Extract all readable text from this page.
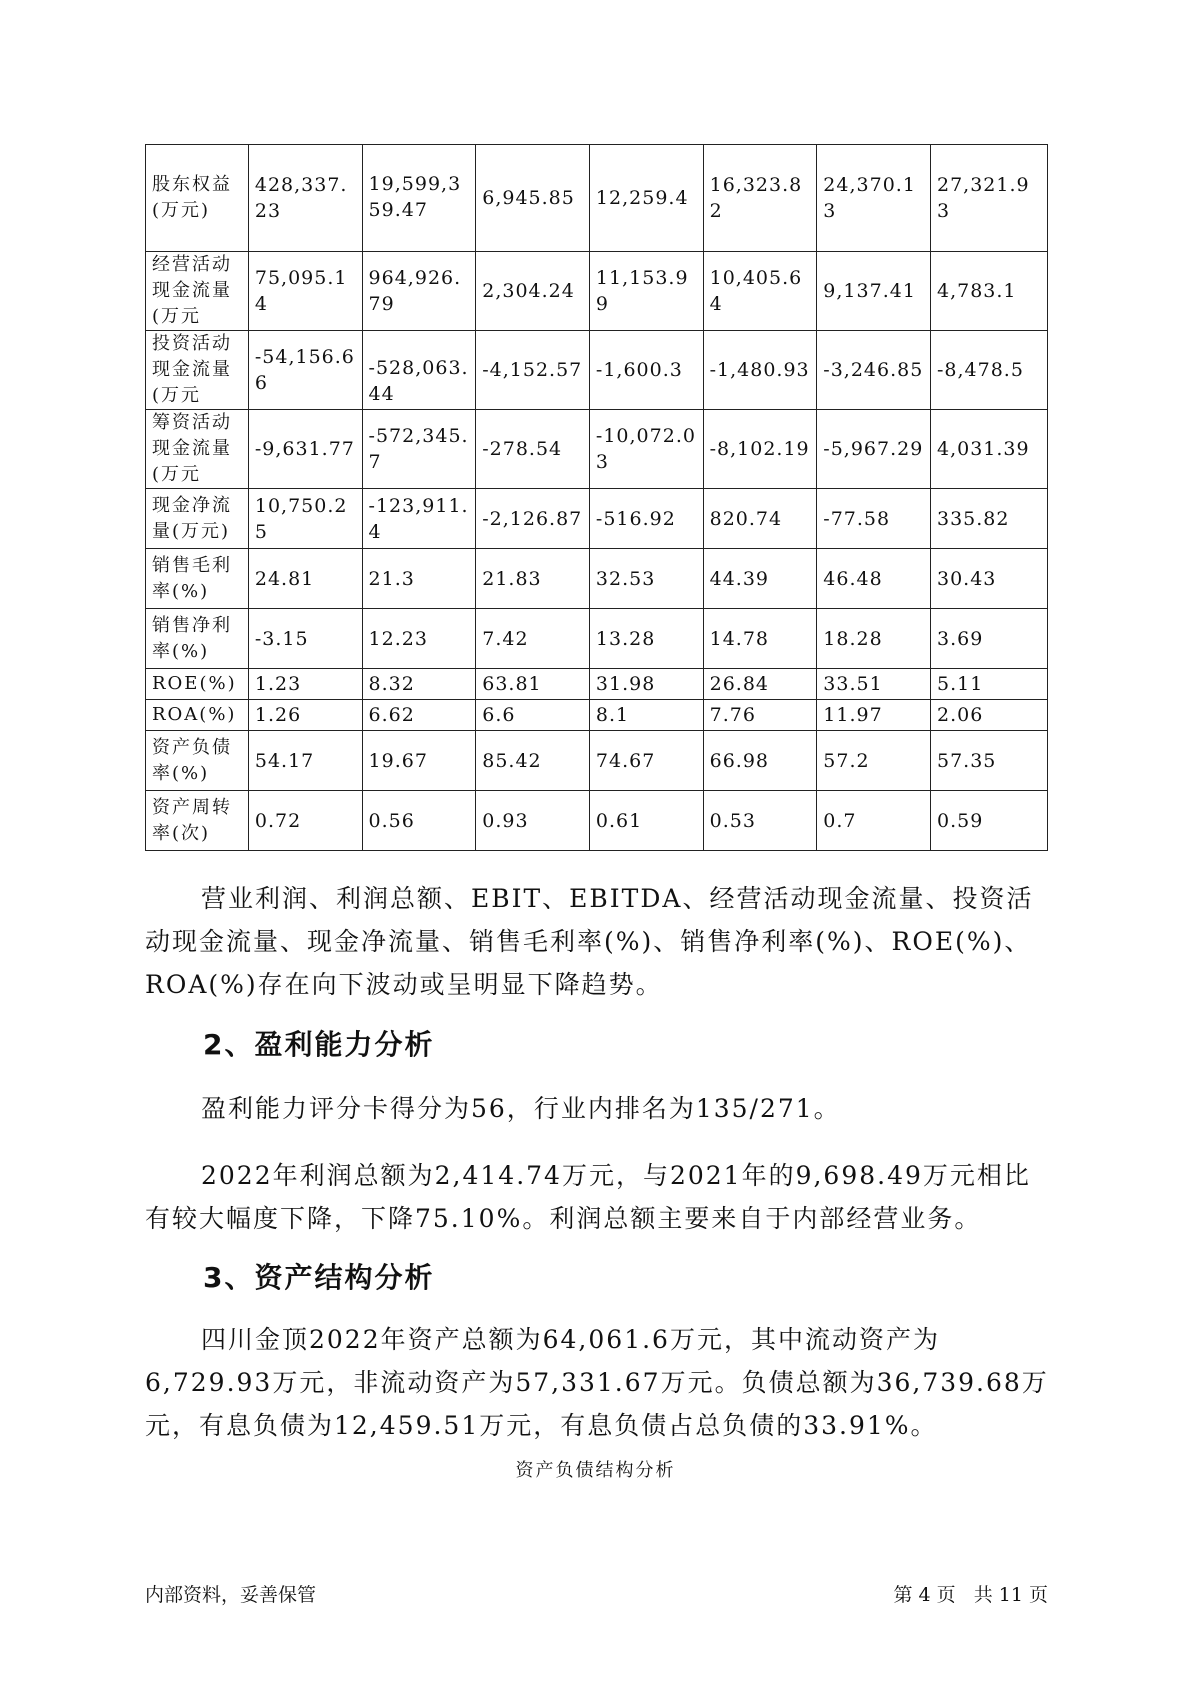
股东权益(万元)	428,337.23	19,599,359.47	6,945.85	12,259.4	16,323.82	24,370.13	27,321.93
经营活动现金流量(万元	75,095.14	964,926.79	2,304.24	11,153.99	10,405.64	9,137.41	4,783.1
投资活动现金流量(万元	-54,156.66	-528,063.44	-4,152.57	-1,600.3	-1,480.93	-3,246.85	-8,478.5
筹资活动现金流量(万元	-9,631.77	-572,345.7	-278.54	-10,072.03	-8,102.19	-5,967.29	4,031.39
现金净流量(万元)	10,750.25	-123,911.4	-2,126.87	-516.92	820.74	-77.58	335.82
销售毛利率(%)	24.81	21.3	21.83	32.53	44.39	46.48	30.43
销售净利率(%)	-3.15	12.23	7.42	13.28	14.78	18.28	3.69
ROE(%)	1.23	8.32	63.81	31.98	26.84	33.51	5.11
ROA(%)	1.26	6.62	6.6	8.1	7.76	11.97	2.06
资产负债率(%)	54.17	19.67	85.42	74.67	66.98	57.2	57.35
资产周转率(次)	0.72	0.56	0.93	0.61	0.53	0.7	0.59

营业利润、利润总额、EBIT、EBITDA、经营活动现金流量、投资活动现金流量、现金净流量、销售毛利率(%)、销售净利率(%)、ROE(%)、ROA(%)存在向下波动或呈明显下降趋势。

2、盈利能力分析

盈利能力评分卡得分为56，行业内排名为135/271。

2022年利润总额为2,414.74万元，与2021年的9,698.49万元相比有较大幅度下降，下降75.10%。利润总额主要来自于内部经营业务。

3、资产结构分析

四川金顶2022年资产总额为64,061.6万元，其中流动资产为6,729.93万元，非流动资产为57,331.67万元。负债总额为36,739.68万元，有息负债为12,459.51万元，有息负债占总负债的33.91%。

资产负债结构分析
内部资料，妥善保管	第 4 页   共 11 页
